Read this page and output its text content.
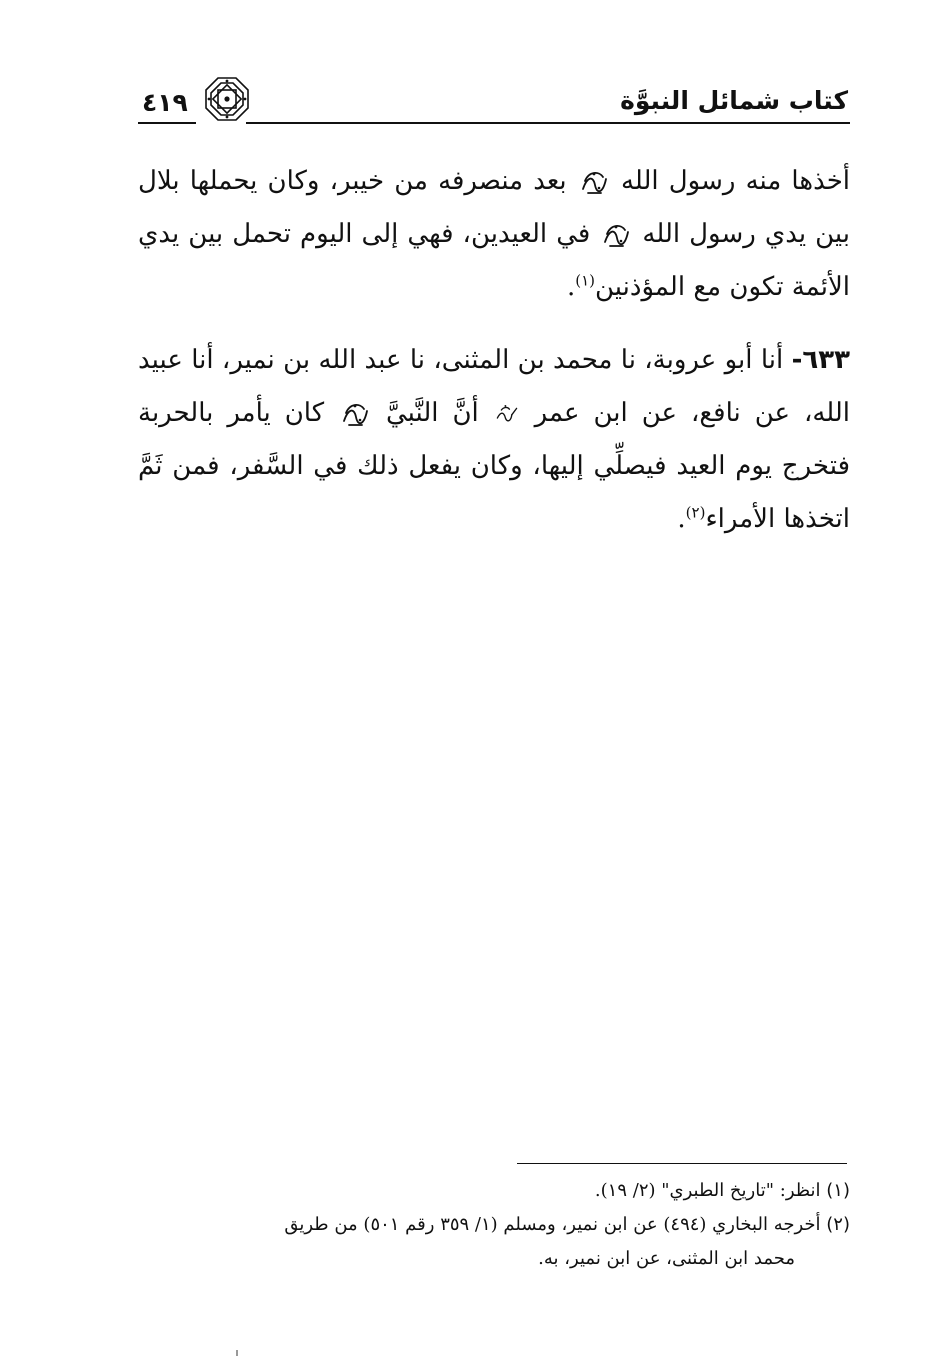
كتاب شمائل النبوَّة
٤١٩

أخذها منه رسول الله  بعد منصرفه من خيبر، وكان يحملها بلال بين يدي رسول الله  في العيدين، فهي إلى اليوم تحمل بين يدي الأئمة تكون مع المؤذنين$^{(١)}$.

٦٣٣- أنا أبو عروبة، نا محمد بن المثنى، نا عبد الله بن نمير، أنا عبيد الله، عن نافع، عن ابن عمر  أنَّ النَّبيَّ  كان يأمر بالحربة فتخرج يوم العيد فيصلِّي إليها، وكان يفعل ذلك في السَّفر، فمن ثَمَّ اتخذها الأمراء$^{(٢)}$.

(١) انظر: "تاريخ الطبري" (٢/ ١٩).

(٢) أخرجه البخاري (٤٩٤) عن ابن نمير، ومسلم (١/ ٣٥٩ رقم ٥٠١) من طريق

محمد ابن المثنى، عن ابن نمير، به.
